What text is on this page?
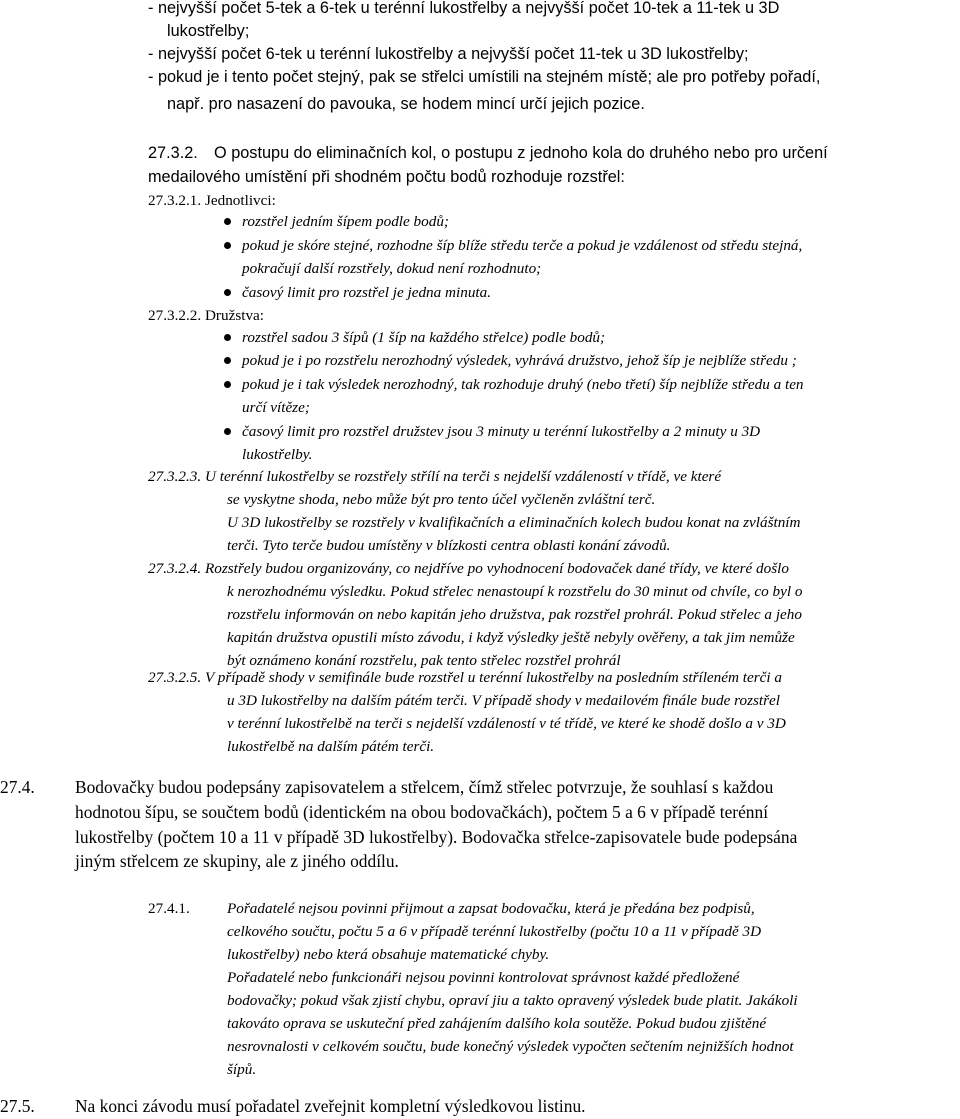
- nejvyšší počet 5-tek a 6-tek u terénní lukostřelby a nejvyšší počet 10-tek a 11-tek u 3D
lukostřelby;
- nejvyšší počet 6-tek u terénní lukostřelby a nejvyšší počet 11-tek u 3D lukostřelby;
- pokud je i tento počet stejný, pak se střelci umístili na stejném místě; ale pro potřeby pořadí,
např. pro nasazení do pavouka, se hodem mincí určí jejich pozice.
27.3.2. O postupu do eliminačních kol, o postupu z jednoho kola do druhého nebo pro určení
medailového umístění při shodném počtu bodů rozhoduje rozstřel:
27.3.2.1. Jednotlivci:
rozstřel jedním šípem podle bodů;
pokud je skóre stejné, rozhodne šíp blíže středu terče a pokud je vzdálenost od středu stejná,
pokračují další rozstřely, dokud není rozhodnuto;
časový limit pro rozstřel je jedna minuta.
27.3.2.2. Družstva:
rozstřel sadou 3 šípů (1 šíp na každého střelce) podle bodů;
pokud je i po rozstřelu nerozhodný výsledek, vyhrává družstvo, jehož šíp je nejblíže středu ;
pokud je i tak výsledek nerozhodný, tak rozhoduje druhý (nebo třetí) šíp nejblíže středu a ten
určí vítěze;
časový limit pro rozstřel družstev jsou 3 minuty u terénní lukostřelby a 2 minuty u 3D
lukostřelby.
27.3.2.3. U terénní lukostřelby se rozstřely střílí na terči s nejdelší vzdáleností v třídě, ve které
se vyskytne shoda, nebo může být pro tento účel vyčleněn zvláštní terč.
U 3D lukostřelby se rozstřely v kvalifikačních a eliminačních kolech budou konat na zvláštním
terči. Tyto terče budou umístěny v blízkosti centra oblasti konání závodů.
27.3.2.4. Rozstřely budou organizovány, co nejdříve po vyhodnocení bodovaček dané třídy, ve které došlo
k nerozhodnému výsledku. Pokud střelec nenastoupí k rozstřelu do 30 minut od chvíle, co byl o
rozstřelu informován on nebo kapitán jeho družstva, pak rozstřel prohrál. Pokud střelec a jeho
kapitán družstva opustili místo závodu, i když výsledky ještě nebyly ověřeny, a tak jim nemůže
být oznámeno konání rozstřelu, pak tento střelec rozstřel prohrál
27.3.2.5. V případě shody v semifinále bude rozstřel u terénní lukostřelby na posledním stříleném terči a
u 3D lukostřelby na dalším pátém terči. V případě shody v medailovém finále bude rozstřel
v terénní lukostřelbě na terči s nejdelší vzdáleností v té třídě, ve které ke shodě došlo a v 3D
lukostřelbě na dalším pátém terči.
27.4. Bodovačky budou podepsány zapisovatelem a střelcem, čímž střelec potvrzuje, že souhlasí s každou
hodnotou šípu, se součtem bodů (identickém na obou bodovačkách), počtem 5 a 6 v případě terénní
lukostřelby (počtem 10 a 11 v případě 3D lukostřelby). Bodovačka střelce-zapisovatele bude podepsána
jiným střelcem ze skupiny, ale z jiného oddílu.
27.4.1. Pořadatelé nejsou povinni přijmout a zapsat bodovačku, která je předána bez podpisů,
celkového součtu, počtu 5 a 6 v případě terénní lukostřelby (počtu 10 a 11 v případě 3D
lukostřelby) nebo která obsahuje matematické chyby.
Pořadatelé nebo funkcionáři nejsou povinni kontrolovat správnost každé předložené
bodovačky; pokud však zjistí chybu, opraví jiu a takto opravený výsledek bude platit. Jakákoli
takováto oprava se uskuteční před zahájením dalšího kola soutěže. Pokud budou zjištěné
nesrovnalosti v celkovém součtu, bude konečný výsledek vypočten sečtením nejnižších hodnot
šípů.
27.5. Na konci závodu musí pořadatel zveřejnit kompletní výsledkovou listinu.
